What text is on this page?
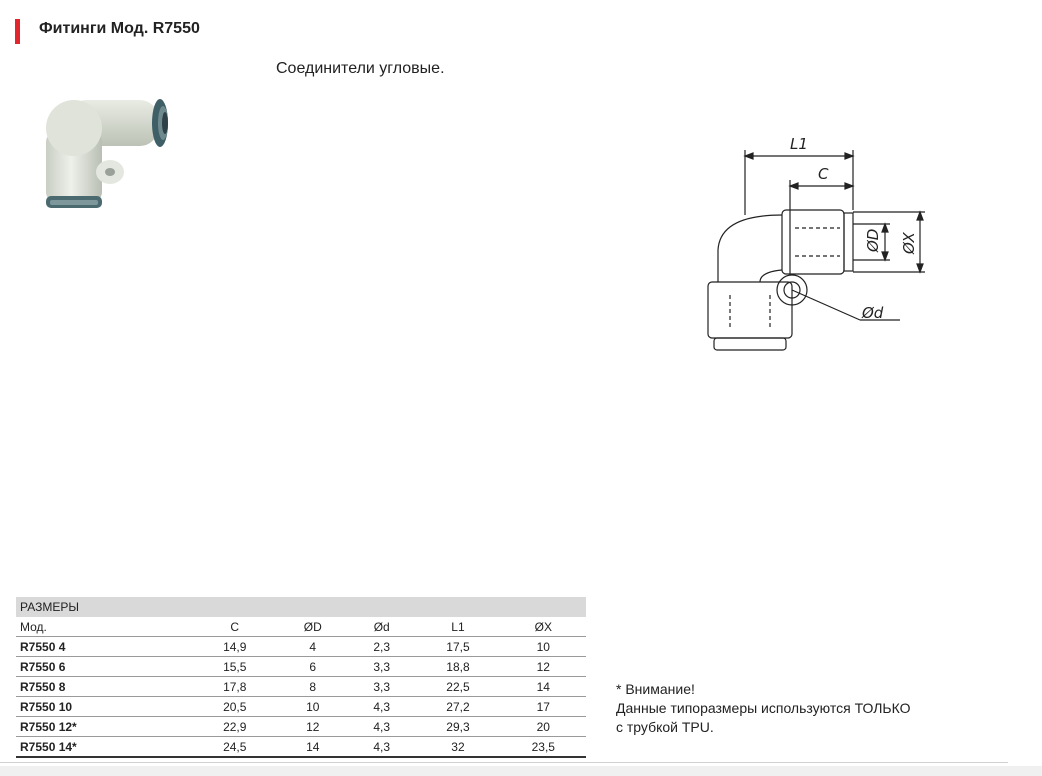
Фитинги Мод. R7550
Соединители угловые.
L1
C
ØD ØX
Ød
РАЗМЕРЫ					
Мод.	C	ØD	Ød	L1	ØX
R7550 4	14,9	4	2,3	17,5	10
R7550 6	15,5	6	3,3	18,8	12
R7550 8	17,8	8	3,3	22,5	14
R7550 10	20,5	10	4,3	27,2	17
R7550 12*	22,9	12	4,3	29,3	20
R7550 14*	24,5	14	4,3	32	23,5
* Внимание!
Данные типоразмеры используются ТОЛЬКО
с трубкой TPU.
